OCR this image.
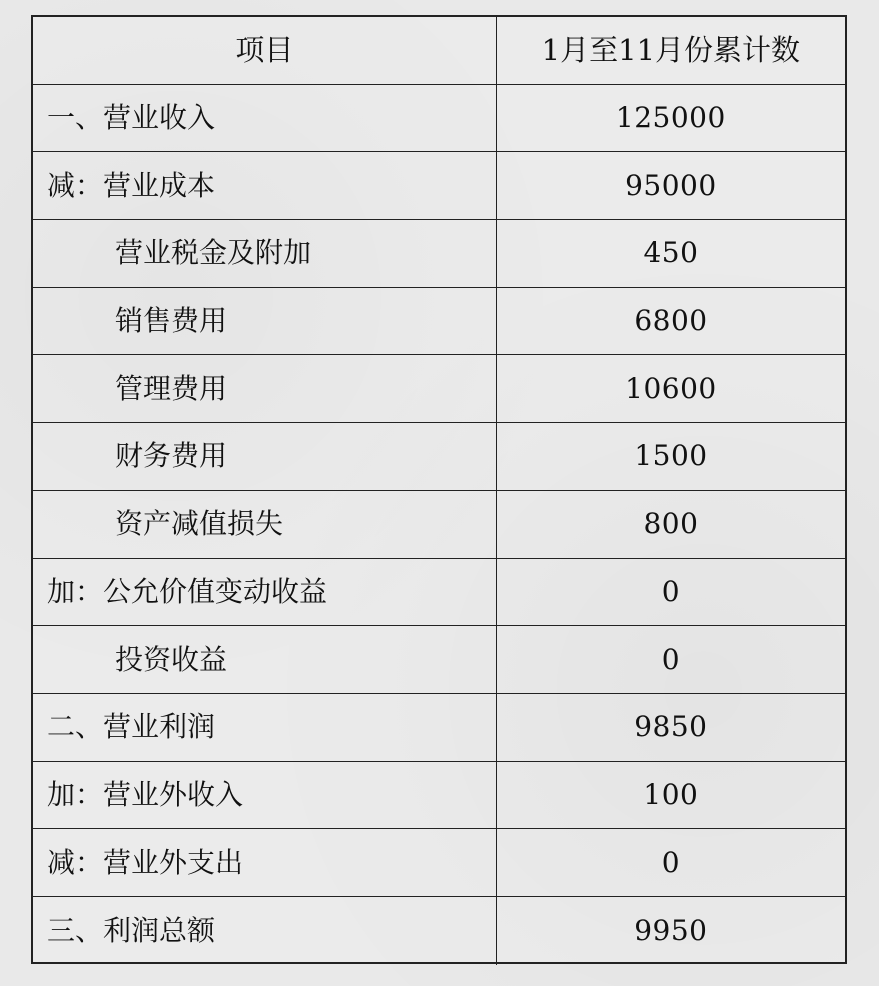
项目	1月至11月份累计数
一、营业收入	125000
减：营业成本	95000
营业税金及附加	450
销售费用	6800
管理费用	10600
财务费用	1500
资产减值损失	800
加：公允价值变动收益	0
投资收益	0
二、营业利润	9850
加：营业外收入	100
减：营业外支出	0
三、利润总额	9950
